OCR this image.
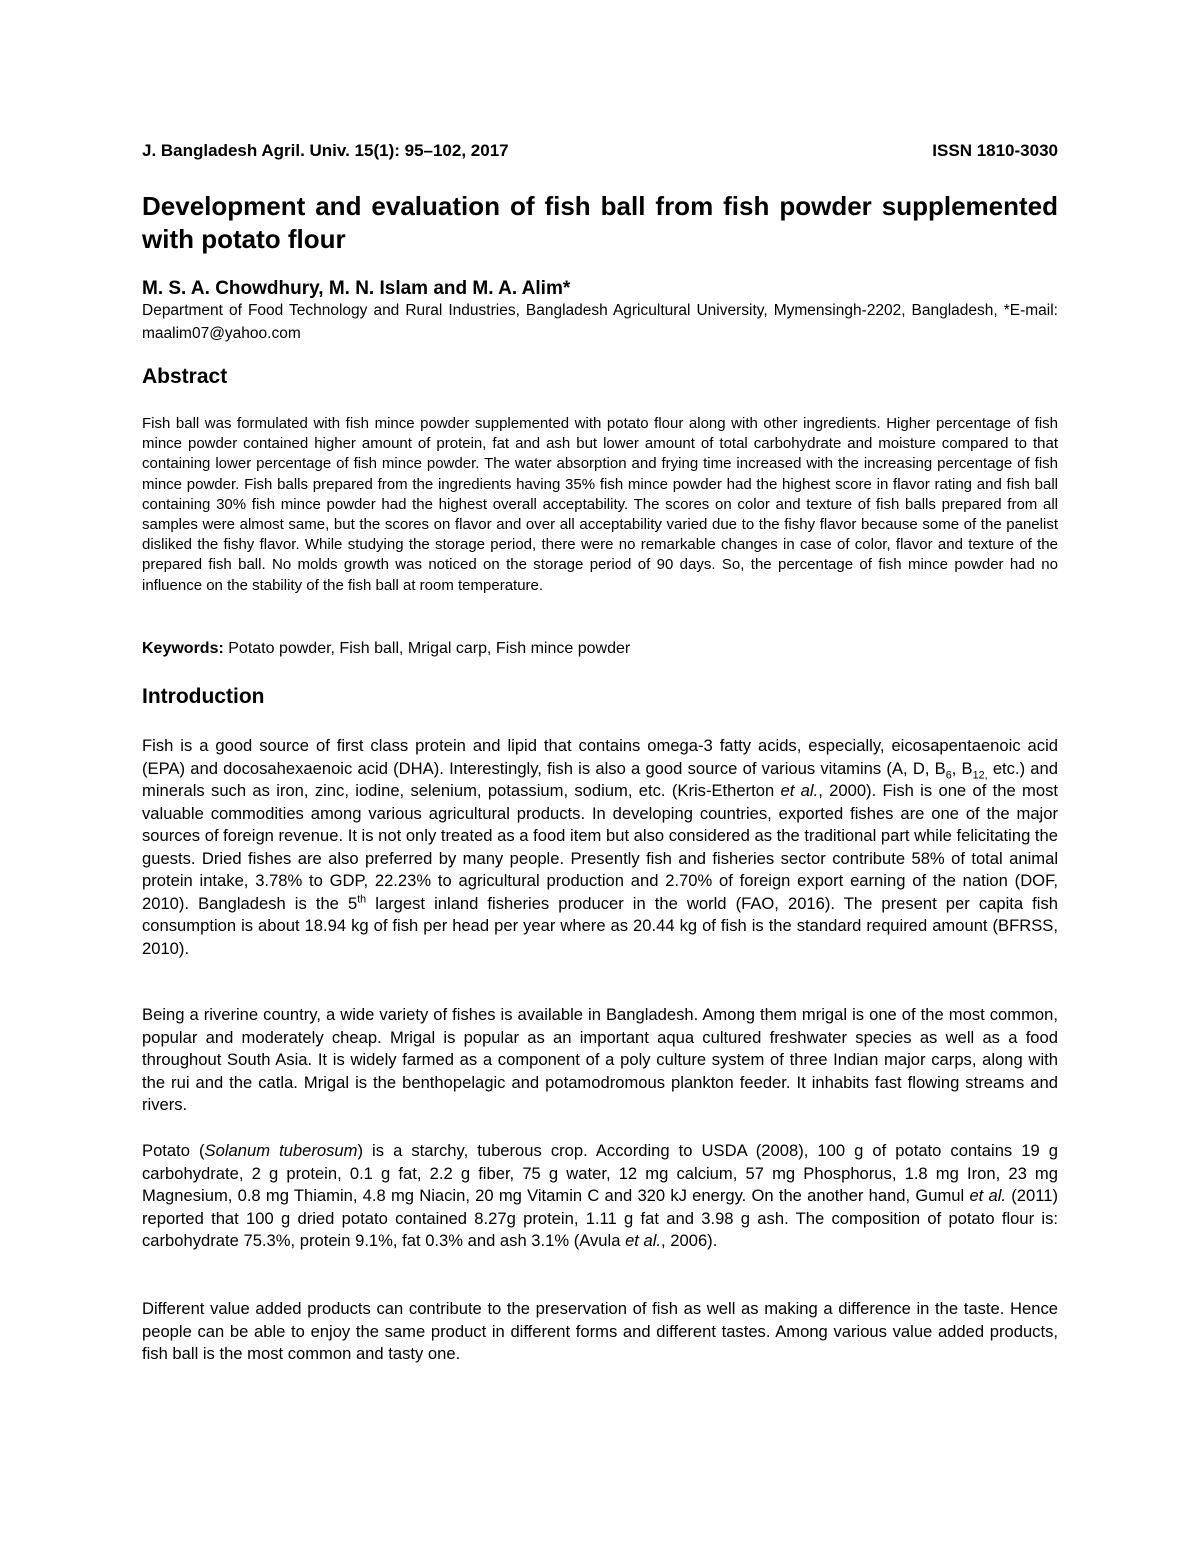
J. Bangladesh Agril. Univ. 15(1): 95–102, 2017	ISSN 1810-3030
Development and evaluation of fish ball from fish powder supplemented with potato flour
M. S. A. Chowdhury, M. N. Islam and M. A. Alim*
Department of Food Technology and Rural Industries, Bangladesh Agricultural University, Mymensingh-2202, Bangladesh, *E-mail: maalim07@yahoo.com
Abstract
Fish ball was formulated with fish mince powder supplemented with potato flour along with other ingredients. Higher percentage of fish mince powder contained higher amount of protein, fat and ash but lower amount of total carbohydrate and moisture compared to that containing lower percentage of fish mince powder. The water absorption and frying time increased with the increasing percentage of fish mince powder. Fish balls prepared from the ingredients having 35% fish mince powder had the highest score in flavor rating and fish ball containing 30% fish mince powder had the highest overall acceptability. The scores on color and texture of fish balls prepared from all samples were almost same, but the scores on flavor and over all acceptability varied due to the fishy flavor because some of the panelist disliked the fishy flavor. While studying the storage period, there were no remarkable changes in case of color, flavor and texture of the prepared fish ball. No molds growth was noticed on the storage period of 90 days. So, the percentage of fish mince powder had no influence on the stability of the fish ball at room temperature.
Keywords: Potato powder, Fish ball, Mrigal carp, Fish mince powder
Introduction
Fish is a good source of first class protein and lipid that contains omega-3 fatty acids, especially, eicosapentaenoic acid (EPA) and docosahexaenoic acid (DHA). Interestingly, fish is also a good source of various vitamins (A, D, $B_6$, $B_{12,}$ etc.) and minerals such as iron, zinc, iodine, selenium, potassium, sodium, etc. (Kris-Etherton et al., 2000). Fish is one of the most valuable commodities among various agricultural products. In developing countries, exported fishes are one of the major sources of foreign revenue. It is not only treated as a food item but also considered as the traditional part while felicitating the guests. Dried fishes are also preferred by many people. Presently fish and fisheries sector contribute 58% of total animal protein intake, 3.78% to GDP, 22.23% to agricultural production and 2.70% of foreign export earning of the nation (DOF, 2010). Bangladesh is the 5th largest inland fisheries producer in the world (FAO, 2016). The present per capita fish consumption is about 18.94 kg of fish per head per year where as 20.44 kg of fish is the standard required amount (BFRSS, 2010).
Being a riverine country, a wide variety of fishes is available in Bangladesh. Among them mrigal is one of the most common, popular and moderately cheap. Mrigal is popular as an important aqua cultured freshwater species as well as a food throughout South Asia. It is widely farmed as a component of a poly culture system of three Indian major carps, along with the rui and the catla. Mrigal is the benthopelagic and potamodromous plankton feeder. It inhabits fast flowing streams and rivers.
Potato (Solanum tuberosum) is a starchy, tuberous crop. According to USDA (2008), 100 g of potato contains 19 g carbohydrate, 2 g protein, 0.1 g fat, 2.2 g fiber, 75 g water, 12 mg calcium, 57 mg Phosphorus, 1.8 mg Iron, 23 mg Magnesium, 0.8 mg Thiamin, 4.8 mg Niacin, 20 mg Vitamin C and 320 kJ energy. On the another hand, Gumul et al. (2011) reported that 100 g dried potato contained 8.27g protein, 1.11 g fat and 3.98 g ash. The composition of potato flour is: carbohydrate 75.3%, protein 9.1%, fat 0.3% and ash 3.1% (Avula et al., 2006).
Different value added products can contribute to the preservation of fish as well as making a difference in the taste. Hence people can be able to enjoy the same product in different forms and different tastes. Among various value added products, fish ball is the most common and tasty one.
